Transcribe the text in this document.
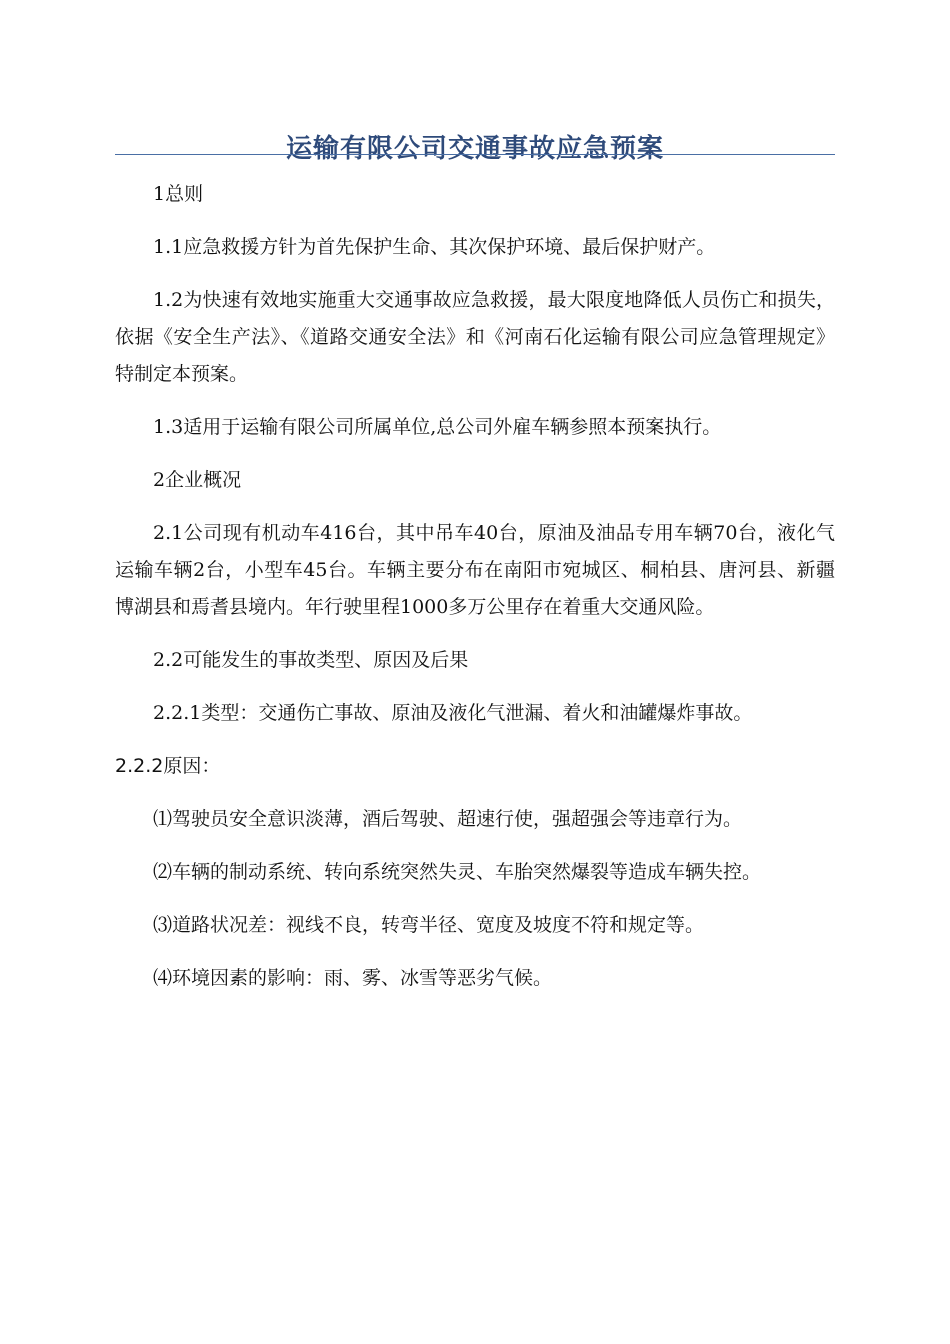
运输有限公司交通事故应急预案

1总则

1.1应急救援方针为首先保护生命、其次保护环境、最后保护财产。

1.2为快速有效地实施重大交通事故应急救援，最大限度地降低人员伤亡和损失，依据《安全生产法》、《道路交通安全法》和《河南石化运输有限公司应急管理规定》特制定本预案。

1.3适用于运输有限公司所属单位,总公司外雇车辆参照本预案执行。

2企业概况

2.1公司现有机动车416台，其中吊车40台，原油及油品专用车辆70台，液化气运输车辆2台，小型车45台。车辆主要分布在南阳市宛城区、桐柏县、唐河县、新疆博湖县和焉耆县境内。年行驶里程1000多万公里存在着重大交通风险。

2.2可能发生的事故类型、原因及后果

2.2.1类型：交通伤亡事故、原油及液化气泄漏、着火和油罐爆炸事故。

2.2.2原因：

⑴驾驶员安全意识淡薄，酒后驾驶、超速行使，强超强会等违章行为。

⑵车辆的制动系统、转向系统突然失灵、车胎突然爆裂等造成车辆失控。

⑶道路状况差：视线不良，转弯半径、宽度及坡度不符和规定等。

⑷环境因素的影响：雨、雾、冰雪等恶劣气候。
